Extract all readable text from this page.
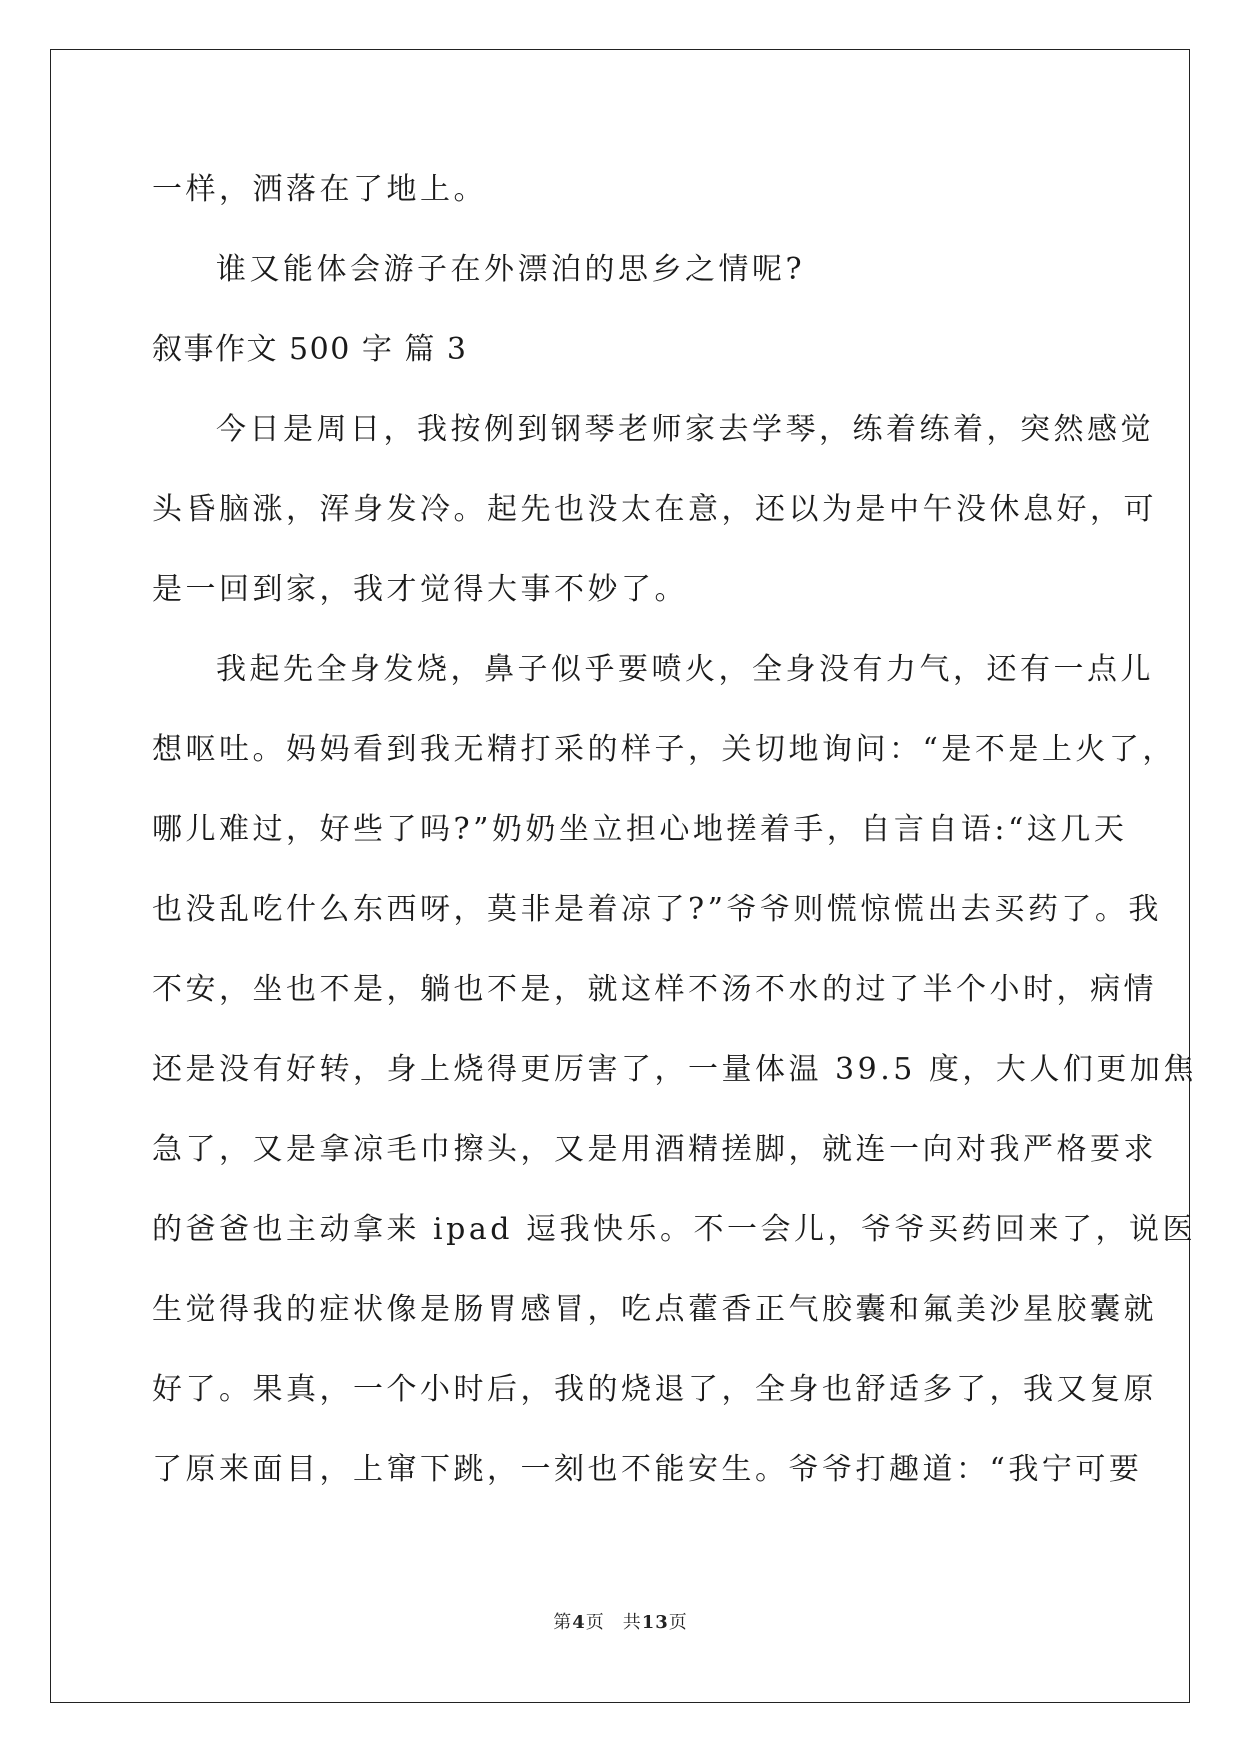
一样，洒落在了地上。

谁又能体会游子在外漂泊的思乡之情呢?

叙事作文 500 字 篇 3

今日是周日，我按例到钢琴老师家去学琴，练着练着，突然感觉

头昏脑涨，浑身发冷。起先也没太在意，还以为是中午没休息好，可

是一回到家，我才觉得大事不妙了。

我起先全身发烧，鼻子似乎要喷火，全身没有力气，还有一点儿

想呕吐。妈妈看到我无精打采的样子，关切地询问：“是不是上火了，

哪儿难过，好些了吗?”奶奶坐立担心地搓着手，自言自语:“这几天

也没乱吃什么东西呀，莫非是着凉了?”爷爷则慌惊慌出去买药了。我

不安，坐也不是，躺也不是，就这样不汤不水的过了半个小时，病情

还是没有好转，身上烧得更厉害了，一量体温 39.5 度，大人们更加焦

急了，又是拿凉毛巾擦头，又是用酒精搓脚，就连一向对我严格要求

的爸爸也主动拿来 ipad 逗我快乐。不一会儿，爷爷买药回来了，说医

生觉得我的症状像是肠胃感冒，吃点藿香正气胶囊和氟美沙星胶囊就

好了。果真，一个小时后，我的烧退了，全身也舒适多了，我又复原

了原来面目，上窜下跳，一刻也不能安生。爷爷打趣道：“我宁可要

第4页 共13页
